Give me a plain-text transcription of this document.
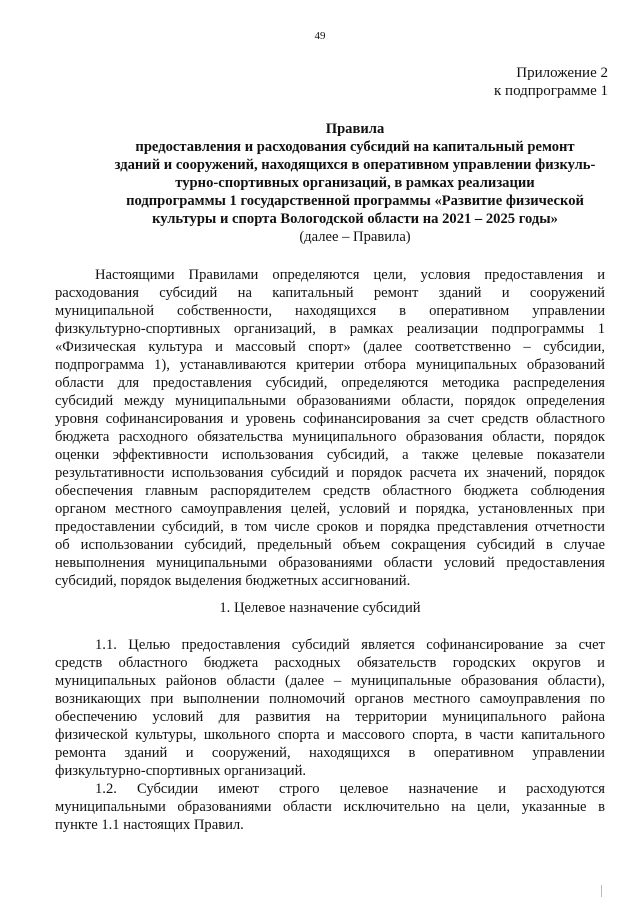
49
Приложение 2
к подпрограмме 1
Правила
предоставления и расходования субсидий на капитальный ремонт
зданий и сооружений, находящихся в оперативном управлении физкуль-
турно-спортивных организаций, в рамках реализации
подпрограммы 1 государственной программы «Развитие физической
культуры и спорта Вологодской области на 2021 – 2025 годы»
(далее – Правила)
Настоящими Правилами определяются цели, условия предоставления и
расходования субсидий на капитальный ремонт зданий и сооружений
муниципальной собственности, находящихся в оперативном управлении
физкультурно-спортивных организаций, в рамках реализации подпрограммы 1
«Физическая культура и массовый спорт» (далее соответственно – субсидии,
подпрограмма 1), устанавливаются критерии отбора муниципальных образований
области для предоставления субсидий, определяются методика распределения
субсидий между муниципальными образованиями области, порядок определения
уровня софинансирования и уровень софинансирования за счет средств областного
бюджета расходного обязательства муниципального образования области, порядок
оценки эффективности использования субсидий, а также целевые показатели
результативности использования субсидий и порядок расчета их значений, порядок
обеспечения главным распорядителем средств областного бюджета соблюдения
органом местного самоуправления целей, условий и порядка, установленных при
предоставлении субсидий, в том числе сроков и порядка представления отчетности
об использовании субсидий, предельный объем сокращения субсидий в случае
невыполнения муниципальными образованиями области условий предоставления
субсидий, порядок выделения бюджетных ассигнований.
1. Целевое назначение субсидий
1.1. Целью предоставления субсидий является софинансирование за счет
средств областного бюджета расходных обязательств городских округов и
муниципальных районов области (далее – муниципальные образования области),
возникающих при выполнении полномочий органов местного самоуправления по
обеспечению условий для развития на территории муниципального района
физической культуры, школьного спорта и массового спорта, в части капитального
ремонта зданий и сооружений, находящихся в оперативном управлении
физкультурно-спортивных организаций.
1.2. Субсидии имеют строго целевое назначение и расходуются
муниципальными образованиями области исключительно на цели, указанные в
пункте 1.1 настоящих Правил.
